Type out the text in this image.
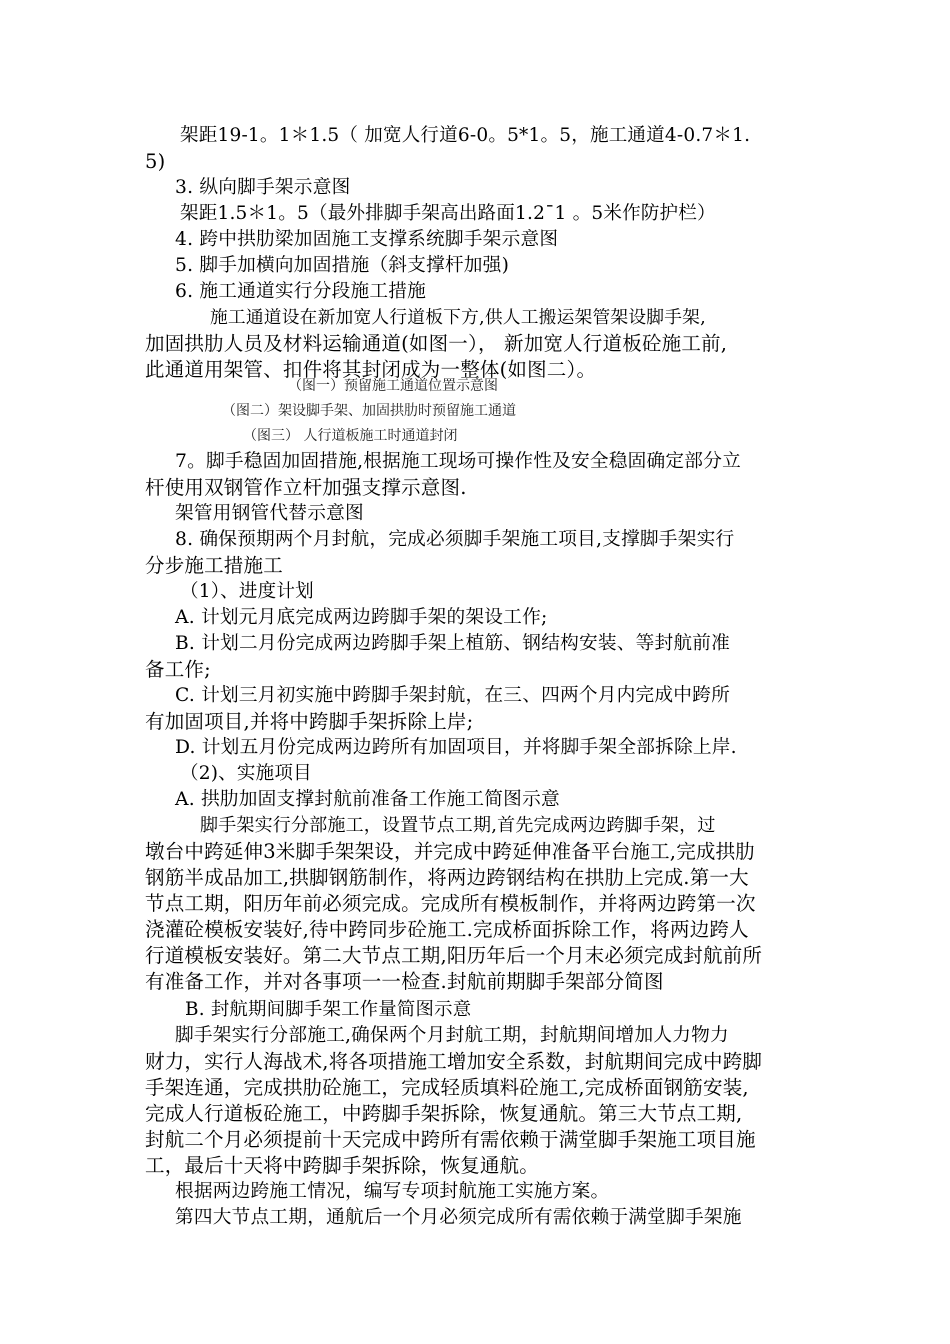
架距19-1。1＊1.5（ 加宽人行道6-0。5*1。5，施工通道4-0.7＊1.
5)
3. 纵向脚手架示意图
架距1.5＊1。5（最外排脚手架高出路面1.2¯1 。5米作防护栏）
4. 跨中拱肋梁加固施工支撑系统脚手架示意图
5. 脚手加横向加固措施（斜支撑杆加强)
6. 施工通道实行分段施工措施
施工通道设在新加宽人行道板下方,供人工搬运架管架设脚手架,
加固拱肋人员及材料运输通道(如图一）， 新加宽人行道板砼施工前,
此通道用架管、扣件将其封闭成为一整体(如图二）。
（图一）预留施工通道位置示意图
（图二）架设脚手架、加固拱肋时预留施工通道
（图三） 人行道板施工时通道封闭
7。脚手稳固加固措施,根据施工现场可操作性及安全稳固确定部分立
杆使用双钢管作立杆加强支撑示意图.
架管用钢管代替示意图
8. 确保预期两个月封航，完成必须脚手架施工项目,支撑脚手架实行
分步施工措施工
（1）、进度计划
A. 计划元月底完成两边跨脚手架的架设工作;
B. 计划二月份完成两边跨脚手架上植筋、钢结构安装、等封航前准
备工作;
C. 计划三月初实施中跨脚手架封航，在三、四两个月内完成中跨所
有加固项目,并将中跨脚手架拆除上岸;
D. 计划五月份完成两边跨所有加固项目，并将脚手架全部拆除上岸.
（2)、实施项目
A. 拱肋加固支撑封航前准备工作施工简图示意
脚手架实行分部施工，设置节点工期,首先完成两边跨脚手架，过
墩台中跨延伸3米脚手架架设，并完成中跨延伸准备平台施工,完成拱肋
钢筋半成品加工,拱脚钢筋制作，将两边跨钢结构在拱肋上完成.第一大
节点工期，阳历年前必须完成。完成所有模板制作，并将两边跨第一次
浇灌砼模板安装好,待中跨同步砼施工.完成桥面拆除工作，将两边跨人
行道模板安装好。第二大节点工期,阳历年后一个月末必须完成封航前所
有准备工作，并对各事项一一检查. 封航前期脚手架部分简图
B. 封航期间脚手架工作量简图示意
脚手架实行分部施工,确保两个月封航工期，封航期间增加人力物力
财力，实行人海战术,将各项措施工增加安全系数，封航期间完成中跨脚
手架连通，完成拱肋砼施工，完成轻质填料砼施工,完成桥面钢筋安装,
完成人行道板砼施工，中跨脚手架拆除，恢复通航。第三大节点工期,
封航二个月必须提前十天完成中跨所有需依赖于满堂脚手架施工项目施
工，最后十天将中跨脚手架拆除，恢复通航。
根据两边跨施工情况，编写专项封航施工实施方案。
第四大节点工期，通航后一个月必须完成所有需依赖于满堂脚手架施
